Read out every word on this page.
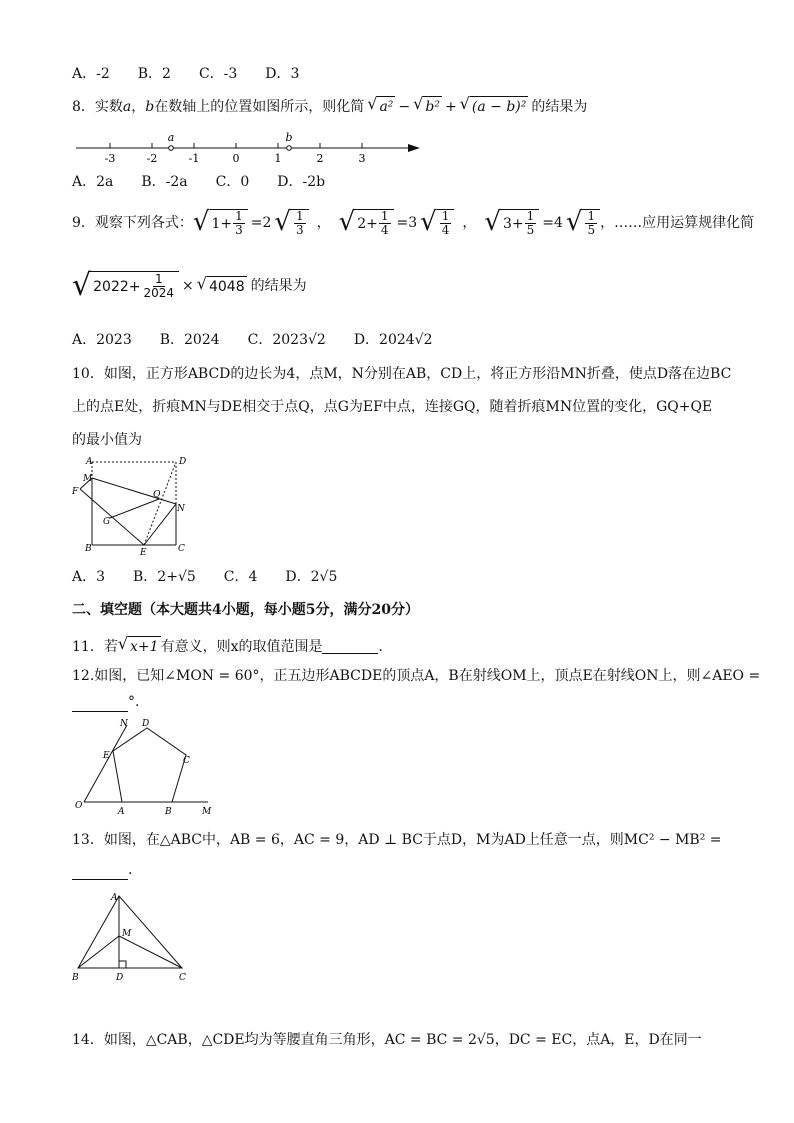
A．-2　　B．2　　C．-3　　D．3
8．实数 a ， b 在数轴上的位置如图所示，则化简 √ a² − √ b² + √ (a − b)² 的结果为
-3	-2	-1	0	1	2	3
a	b
A．2a　　B．-2a　　C．0　　D．-2b
9．观察下列各式： √ $1+ \frac{1}{3} =2$ √ $\frac{1}{3}$ ， √ $2+ \frac{1}{4} =3$ √ $\frac{1}{4}$ ， √ $3+ \frac{1}{5} =4$ √ $\frac{1}{5}$ ，……应用运算规律化简
√ $2022+ \frac{1}{2024}$ × √ 4048 的结果为
A．2023　　B．2024　　C．2023√2　　D．2024√2
10．如图，正方形ABCD的边长为4，点M，N分别在AB，CD上，将正方形沿MN折叠，使点D落在边BC
上的点E处，折痕MN与DE相交于点Q，点G为EF中点，连接GQ，随着折痕MN位置的变化，GQ+QE
的最小值为
A	D
M
F	Q
N
G
B	E	C
A．3　　B．2+√5　　C．4　　D．2√5
二、填空题（本大题共4小题，每小题5分，满分20分）
11．若 √ x+1 有意义，则x的取值范围是	．
12.如图，已知∠MON = 60°，正五边形ABCDE的顶点A，B在射线OM上，顶点E在射线ON上，则∠AEO =
°.
N D
E	C
O
A	B	M
13．如图，在△ABC中，AB = 6，AC = 9，AD ⊥ BC于点D，M为AD上任意一点，则MC² − MB² =
.
A
M
B	D	C
14．如图，△CAB，△CDE均为等腰直角三角形，AC = BC = 2√5，DC = EC，点A，E，D在同一
